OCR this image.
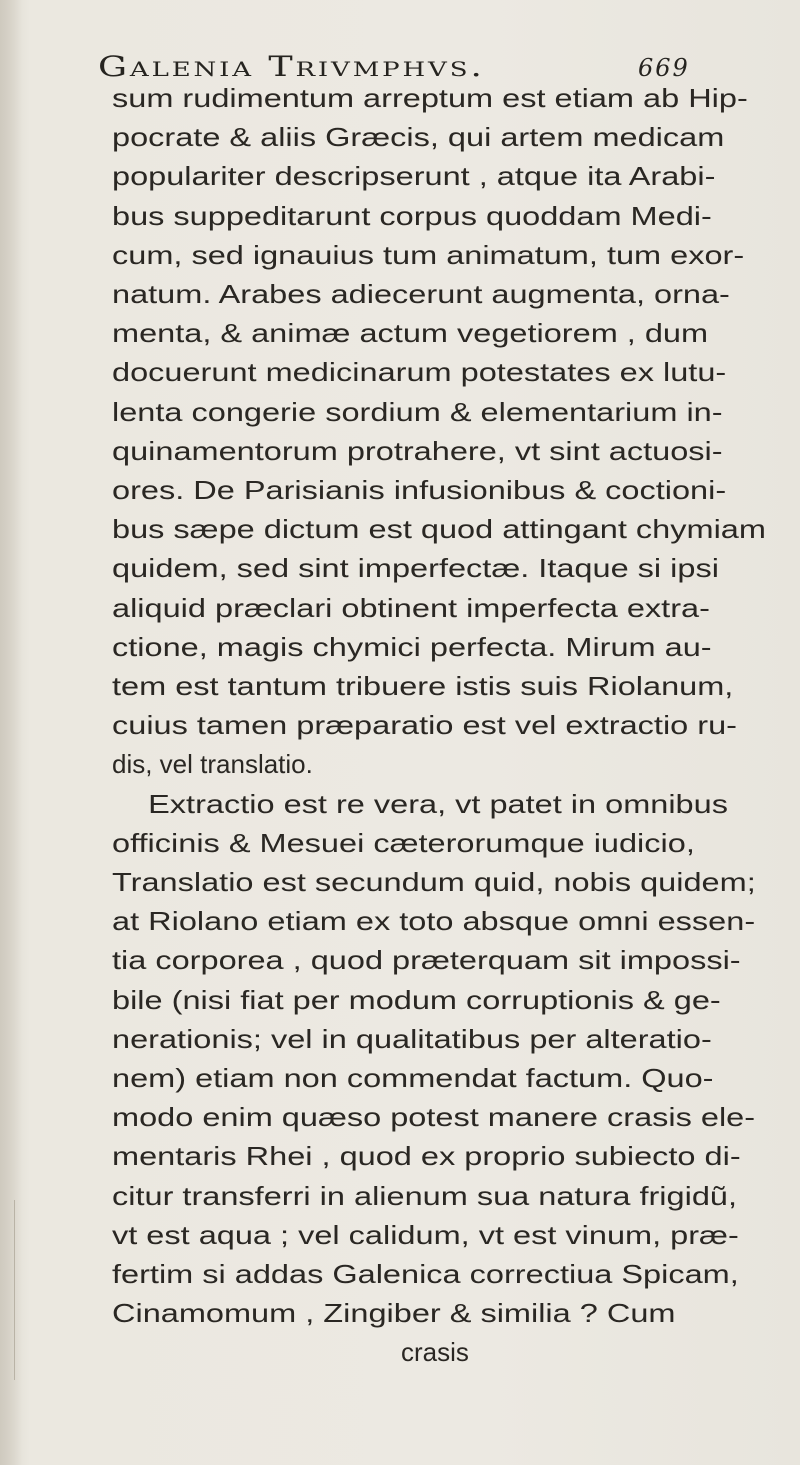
Galenia Trivmphvs.	669
sum rudimentum arreptum est etiam ab Hip-
pocrate & aliis Græcis, qui artem medicam
populariter descripserunt , atque ita Arabi-
bus suppeditarunt corpus quoddam Medi-
cum, sed ignauius tum animatum, tum exor-
natum. Arabes adiecerunt augmenta, orna-
menta, & animæ actum vegetiorem , dum
docuerunt medicinarum potestates ex lutu-
lenta congerie sordium & elementarium in-
quinamentorum protrahere, vt sint actuosi-
ores. De Parisianis infusionibus & coctioni-
bus sæpe dictum est quod attingant chymiam
quidem, sed sint imperfectæ. Itaque si ipsi
aliquid præclari obtinent imperfecta extra-
ctione, magis chymici perfecta. Mirum au-
tem est tantum tribuere istis suis Riolanum,
cuius tamen præparatio est vel extractio ru-
dis, vel translatio.
Extractio est re vera, vt patet in omnibus
officinis & Mesuei cæterorumque iudicio,
Translatio est secundum quid, nobis quidem;
at Riolano etiam ex toto absque omni essen-
tia corporea , quod præterquam sit impossi-
bile (nisi fiat per modum corruptionis & ge-
nerationis; vel in qualitatibus per alteratio-
nem) etiam non commendat factum. Quo-
modo enim quæso potest manere crasis ele-
mentaris Rhei , quod ex proprio subiecto di-
citur transferri in alienum sua natura frigidũ,
vt est aqua ; vel calidum, vt est vinum, præ-
fertim si addas Galenica correctiua Spicam,
Cinamomum , Zingiber & similia ? Cum
crasis
